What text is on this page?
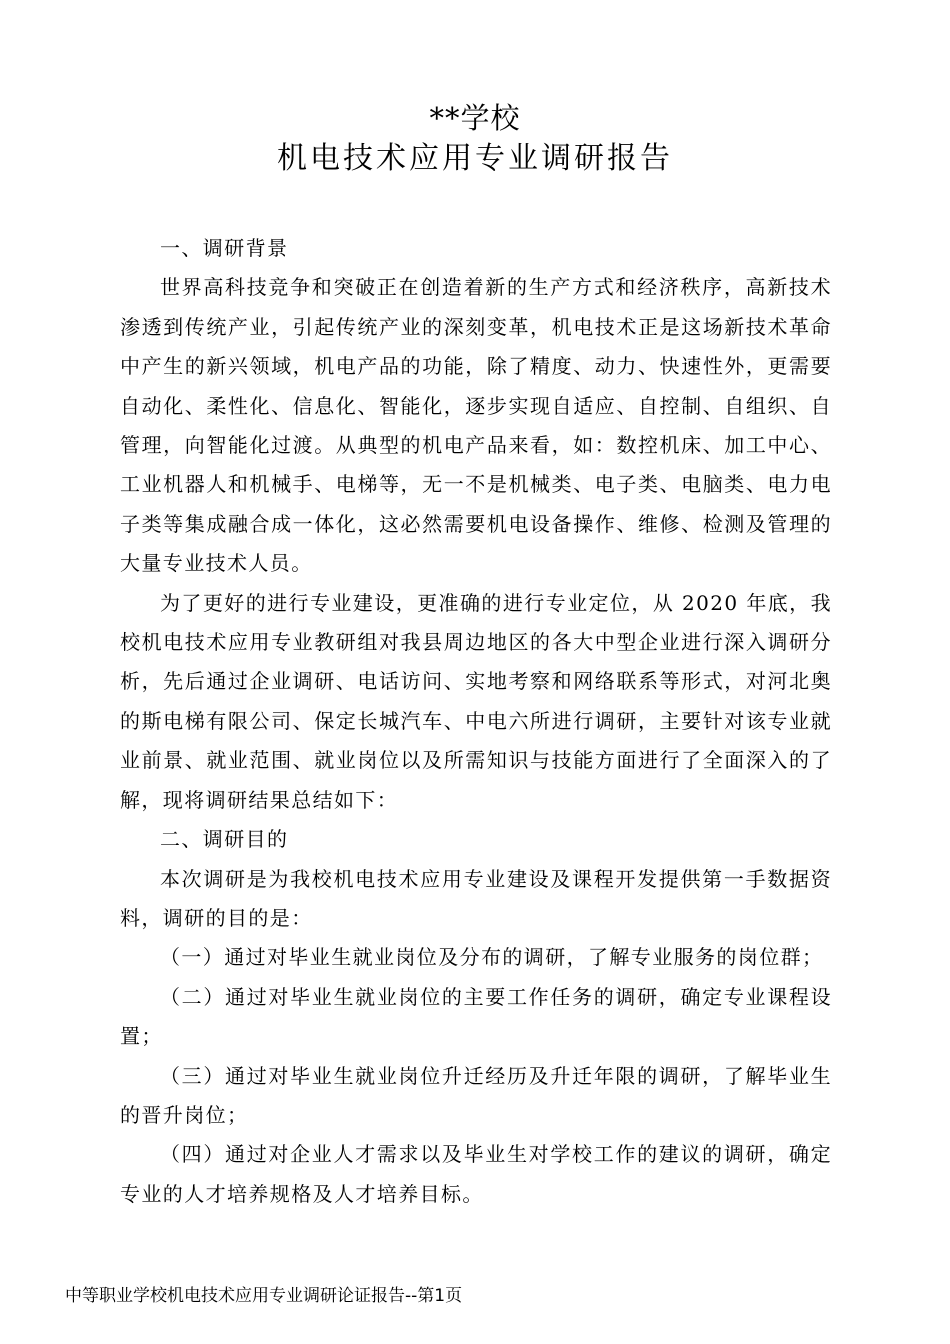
**学校
机电技术应用专业调研报告

一、调研背景

世界高科技竞争和突破正在创造着新的生产方式和经济秩序，高新技术渗透到传统产业，引起传统产业的深刻变革，机电技术正是这场新技术革命中产生的新兴领域，机电产品的功能，除了精度、动力、快速性外，更需要自动化、柔性化、信息化、智能化，逐步实现自适应、自控制、自组织、自管理，向智能化过渡。从典型的机电产品来看，如：数控机床、加工中心、工业机器人和机械手、电梯等，无一不是机械类、电子类、电脑类、电力电子类等集成融合成一体化，这必然需要机电设备操作、维修、检测及管理的大量专业技术人员。

为了更好的进行专业建设，更准确的进行专业定位，从 2020 年底，我校机电技术应用专业教研组对我县周边地区的各大中型企业进行深入调研分析，先后通过企业调研、电话访问、实地考察和网络联系等形式，对河北奥的斯电梯有限公司、保定长城汽车、中电六所进行调研，主要针对该专业就业前景、就业范围、就业岗位以及所需知识与技能方面进行了全面深入的了解，现将调研结果总结如下：

二、调研目的

本次调研是为我校机电技术应用专业建设及课程开发提供第一手数据资料，调研的目的是：

（一）通过对毕业生就业岗位及分布的调研，了解专业服务的岗位群；

（二）通过对毕业生就业岗位的主要工作任务的调研，确定专业课程设置；

（三）通过对毕业生就业岗位升迁经历及升迁年限的调研，了解毕业生的晋升岗位；

（四）通过对企业人才需求以及毕业生对学校工作的建议的调研，确定专业的人才培养规格及人才培养目标。

中等职业学校机电技术应用专业调研论证报告--第1页
